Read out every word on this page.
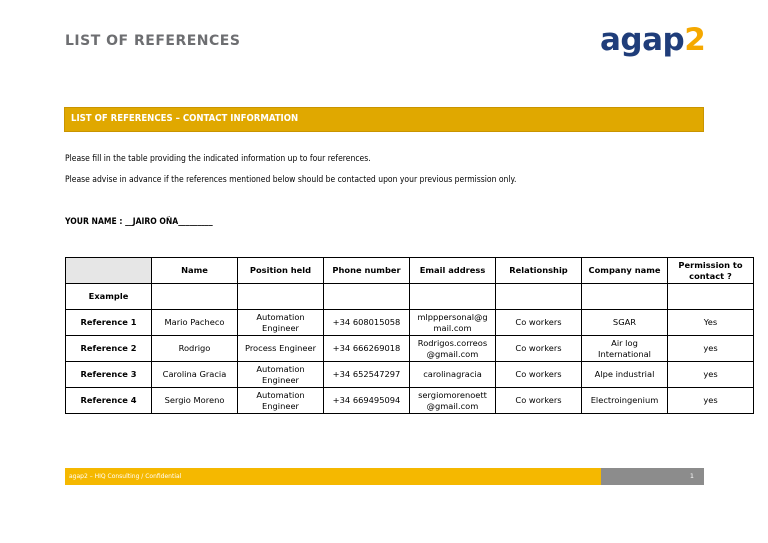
LIST OF REFERENCES	agap2
LIST OF REFERENCES – CONTACT INFORMATION
Please fill in the table providing the indicated information up to four references.
Please advise in advance if the references mentioned below should be contacted upon your previous permission only.
YOUR NAME : __JAIRO OÑA_________
	Name	Position held	Phone number	Email address	Relationship	Company name	Permission to contact ?
Example							
Reference 1	Mario Pacheco	Automation Engineer	+34 608015058	mlpppersonal@g mail.com	Co workers	SGAR	Yes
Reference 2	Rodrigo	Process Engineer	+34 666269018	Rodrigos.correos @gmail.com	Co workers	Air log International	yes
Reference 3	Carolina Gracia	Automation Engineer	+34 652547297	carolinagracia	Co workers	Alpe industrial	yes
Reference 4	Sergio Moreno	Automation Engineer	+34 669495094	sergiomorenoett @gmail.com	Co workers	Electroingenium	yes
agap2 – HIQ Consulting / Confidential	1
